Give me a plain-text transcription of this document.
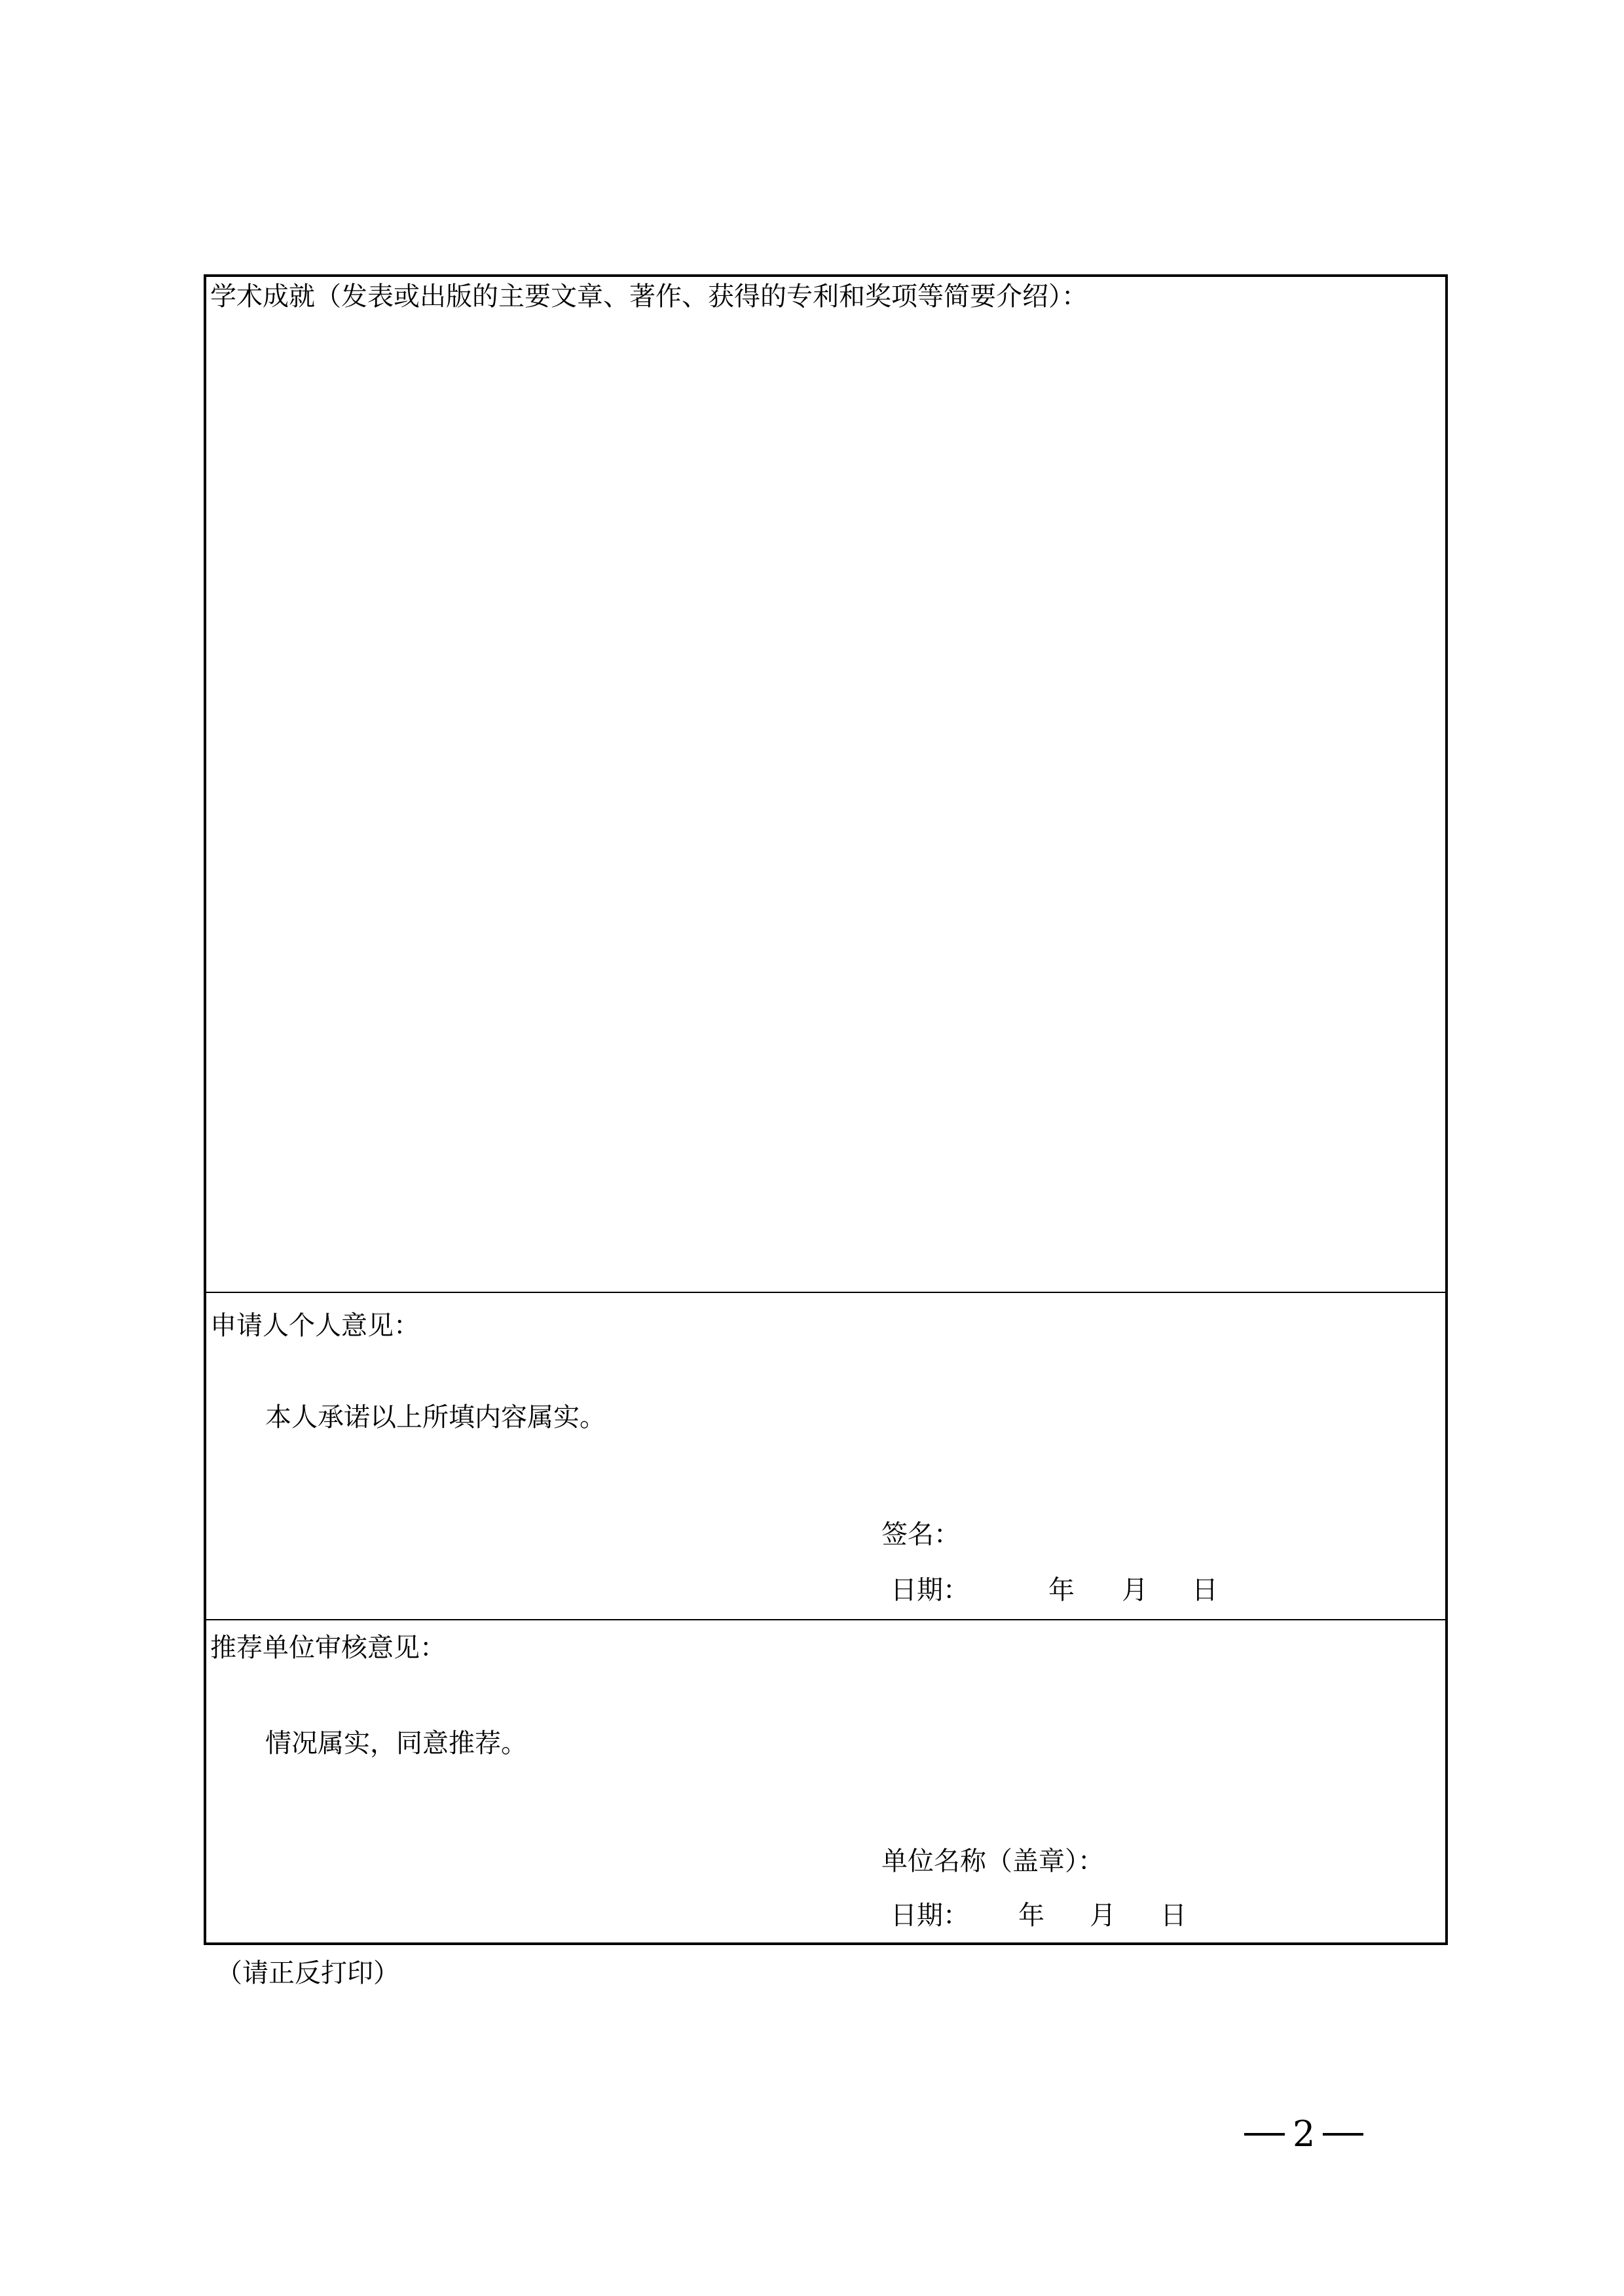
学术成就（发表或出版的主要文章、著作、获得的专利和奖项等简要介绍）：
申请人个人意见：
本人承诺以上所填内容属实。
签名：
日期：	年 月 日
推荐单位审核意见：
情况属实，同意推荐。
单位名称（盖章）：
日期： 年 月 日
（请正反打印）
2
